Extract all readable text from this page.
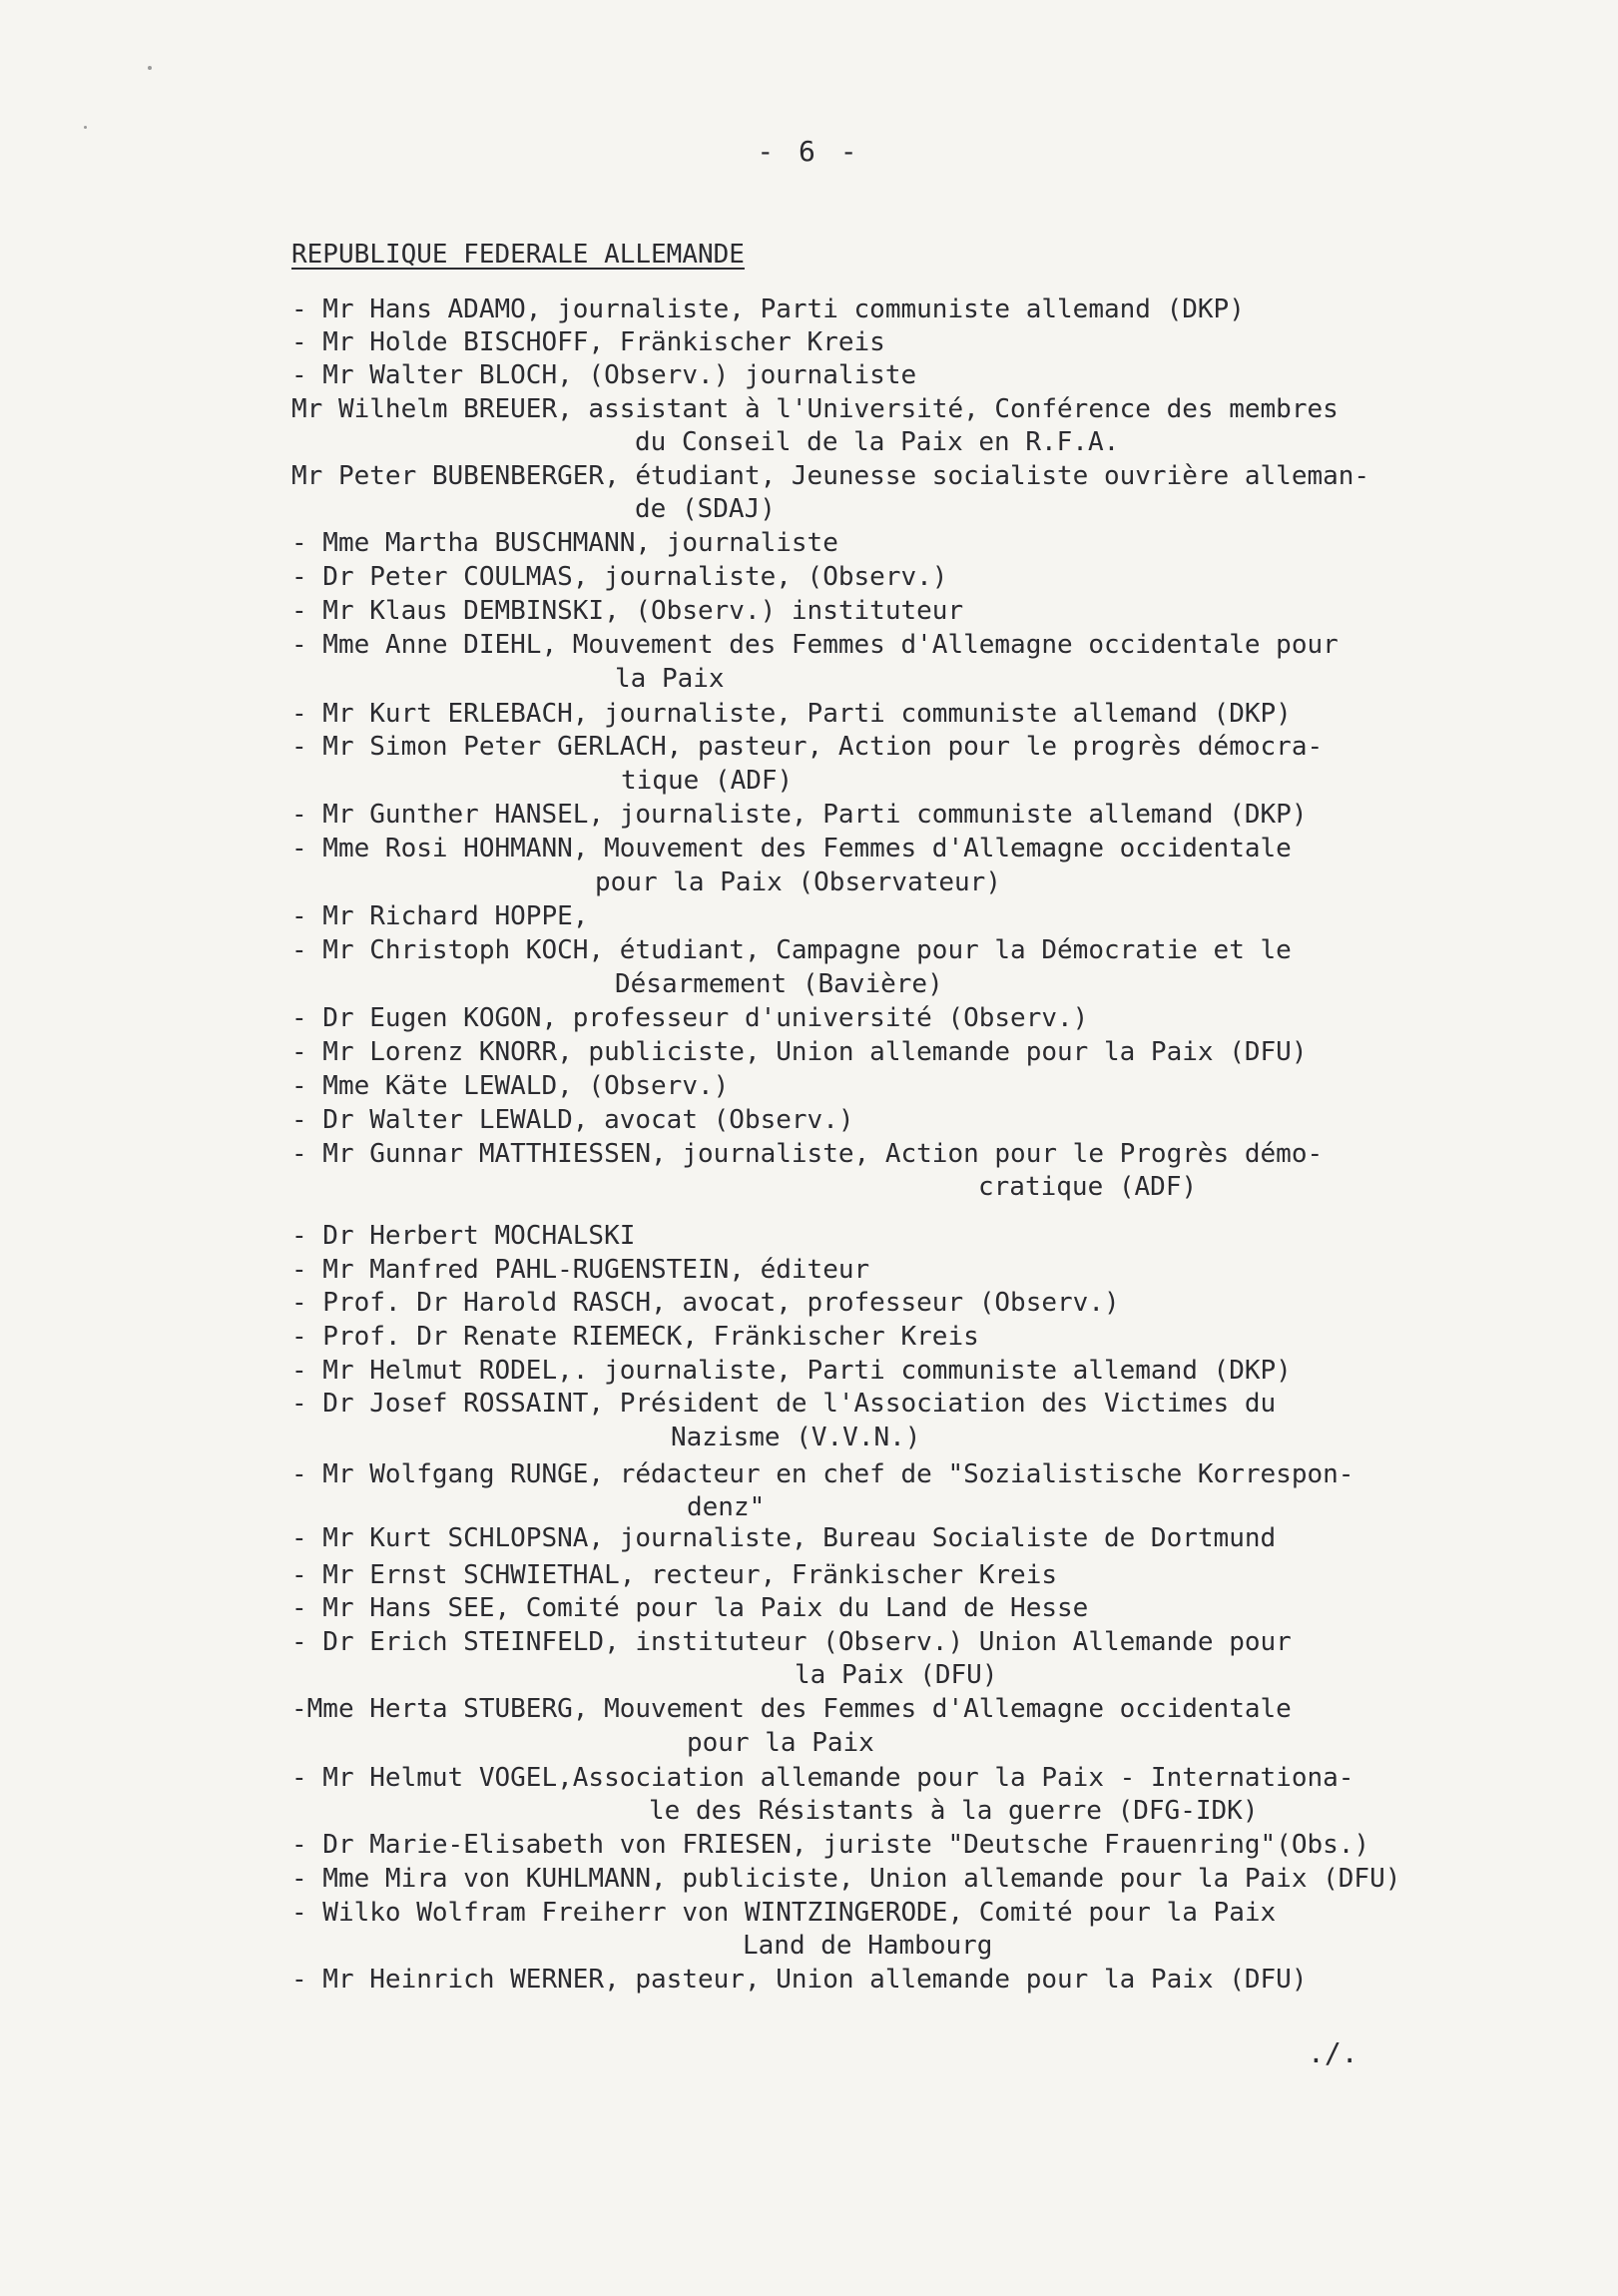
- 6 -
REPUBLIQUE FEDERALE ALLEMANDE
- Mr Hans ADAMO, journaliste, Parti communiste allemand (DKP)
- Mr Holde BISCHOFF, Fränkischer Kreis
- Mr Walter BLOCH, (Observ.) journaliste
Mr Wilhelm BREUER, assistant à l'Université, Conférence des membres
du Conseil de la Paix en R.F.A.
Mr Peter BUBENBERGER, étudiant, Jeunesse socialiste ouvrière alleman-
de (SDAJ)
- Mme Martha BUSCHMANN, journaliste
- Dr Peter COULMAS, journaliste, (Observ.)
- Mr Klaus DEMBINSKI, (Observ.) instituteur
- Mme Anne DIEHL, Mouvement des Femmes d'Allemagne occidentale pour
la Paix
- Mr Kurt ERLEBACH, journaliste, Parti communiste allemand (DKP)
- Mr Simon Peter GERLACH, pasteur, Action pour le progrès démocra-
tique (ADF)
- Mr Gunther HANSEL, journaliste, Parti communiste allemand (DKP)
- Mme Rosi HOHMANN, Mouvement des Femmes d'Allemagne occidentale
pour la Paix (Observateur)
- Mr Richard HOPPE,
- Mr Christoph KOCH, étudiant, Campagne pour la Démocratie et le
Désarmement (Bavière)
- Dr Eugen KOGON, professeur d'université (Observ.)
- Mr Lorenz KNORR, publiciste, Union allemande pour la Paix (DFU)
- Mme Käte LEWALD, (Observ.)
- Dr Walter LEWALD, avocat (Observ.)
- Mr Gunnar MATTHIESSEN, journaliste, Action pour le Progrès démo-
cratique (ADF)
- Dr Herbert MOCHALSKI
- Mr Manfred PAHL-RUGENSTEIN, éditeur
- Prof. Dr Harold RASCH, avocat, professeur (Observ.)
- Prof. Dr Renate RIEMECK, Fränkischer Kreis
- Mr Helmut RODEL,. journaliste, Parti communiste allemand (DKP)
- Dr Josef ROSSAINT, Président de l'Association des Victimes du
Nazisme (V.V.N.)
- Mr Wolfgang RUNGE, rédacteur en chef de "Sozialistische Korrespon-
denz"
- Mr Kurt SCHLOPSNA, journaliste, Bureau Socialiste de Dortmund
- Mr Ernst SCHWIETHAL, recteur, Fränkischer Kreis
- Mr Hans SEE, Comité pour la Paix du Land de Hesse
- Dr Erich STEINFELD, instituteur (Observ.) Union Allemande pour
la Paix (DFU)
-Mme Herta STUBERG, Mouvement des Femmes d'Allemagne occidentale
pour la Paix
- Mr Helmut VOGEL,Association allemande pour la Paix - Internationa-
le des Résistants à la guerre (DFG-IDK)
- Dr Marie-Elisabeth von FRIESEN, juriste "Deutsche Frauenring"(Obs.)
- Mme Mira von KUHLMANN, publiciste, Union allemande pour la Paix (DFU)
- Wilko Wolfram Freiherr von WINTZINGERODE, Comité pour la Paix
Land de Hambourg
- Mr Heinrich WERNER, pasteur, Union allemande pour la Paix (DFU)
./.
